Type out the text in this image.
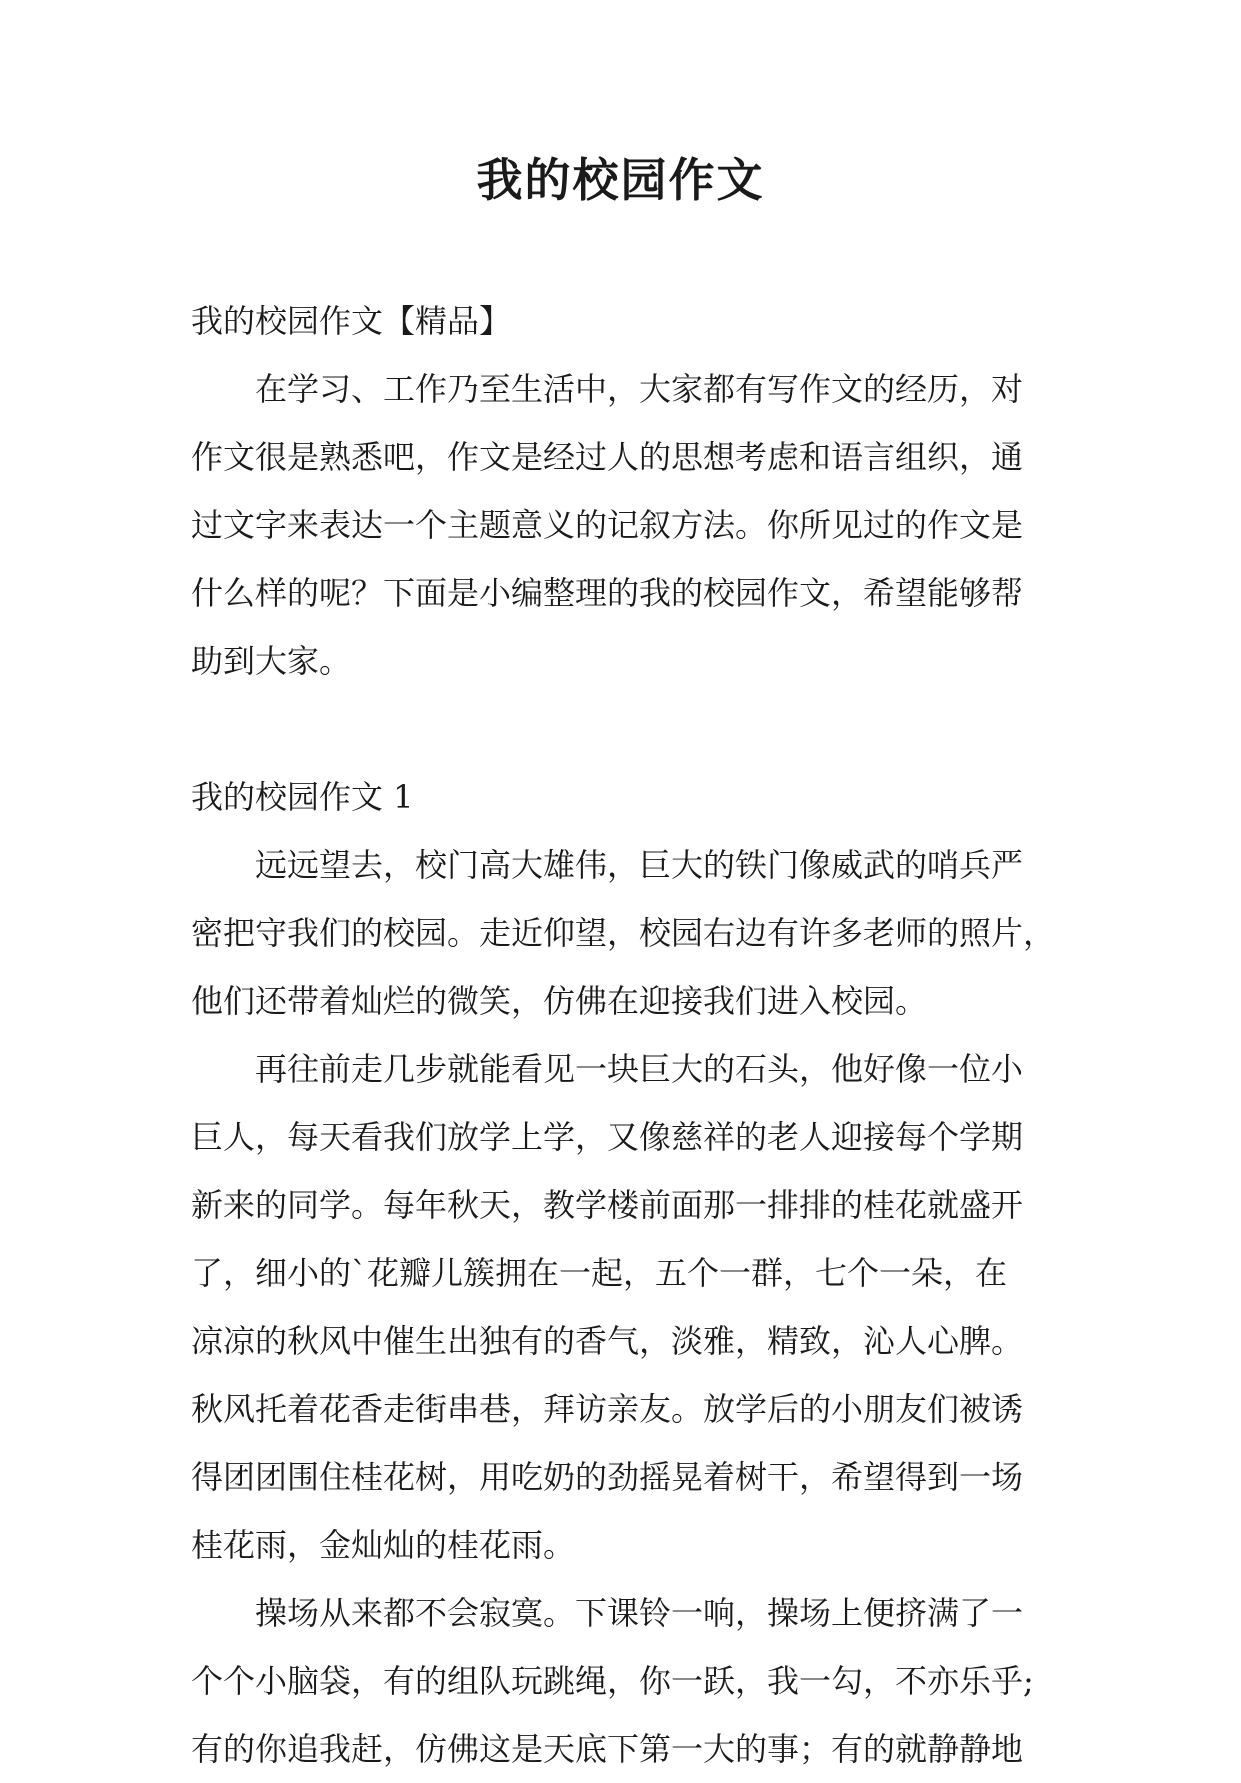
我的校园作文
我的校园作文【精品】
在学习、工作乃至生活中，大家都有写作文的经历，对
作文很是熟悉吧，作文是经过人的思想考虑和语言组织，通
过文字来表达一个主题意义的记叙方法。你所见过的作文是
什么样的呢？下面是小编整理的我的校园作文，希望能够帮
助到大家。
我的校园作文 1
远远望去，校门高大雄伟，巨大的铁门像威武的哨兵严
密把守我们的校园。走近仰望，校园右边有许多老师的照片，
他们还带着灿烂的微笑，仿佛在迎接我们进入校园。
再往前走几步就能看见一块巨大的石头，他好像一位小
巨人，每天看我们放学上学，又像慈祥的老人迎接每个学期
新来的同学。每年秋天，教学楼前面那一排排的桂花就盛开
了，细小的`花瓣儿簇拥在一起，五个一群，七个一朵，在
凉凉的秋风中催生出独有的香气，淡雅，精致，沁人心脾。
秋风托着花香走街串巷，拜访亲友。放学后的小朋友们被诱
得团团围住桂花树，用吃奶的劲摇晃着树干，希望得到一场
桂花雨，金灿灿的桂花雨。
操场从来都不会寂寞。下课铃一响，操场上便挤满了一
个个小脑袋，有的组队玩跳绳，你一跃，我一勾，不亦乐乎;
有的你追我赶，仿佛这是天底下第一大的事；有的就静静地
